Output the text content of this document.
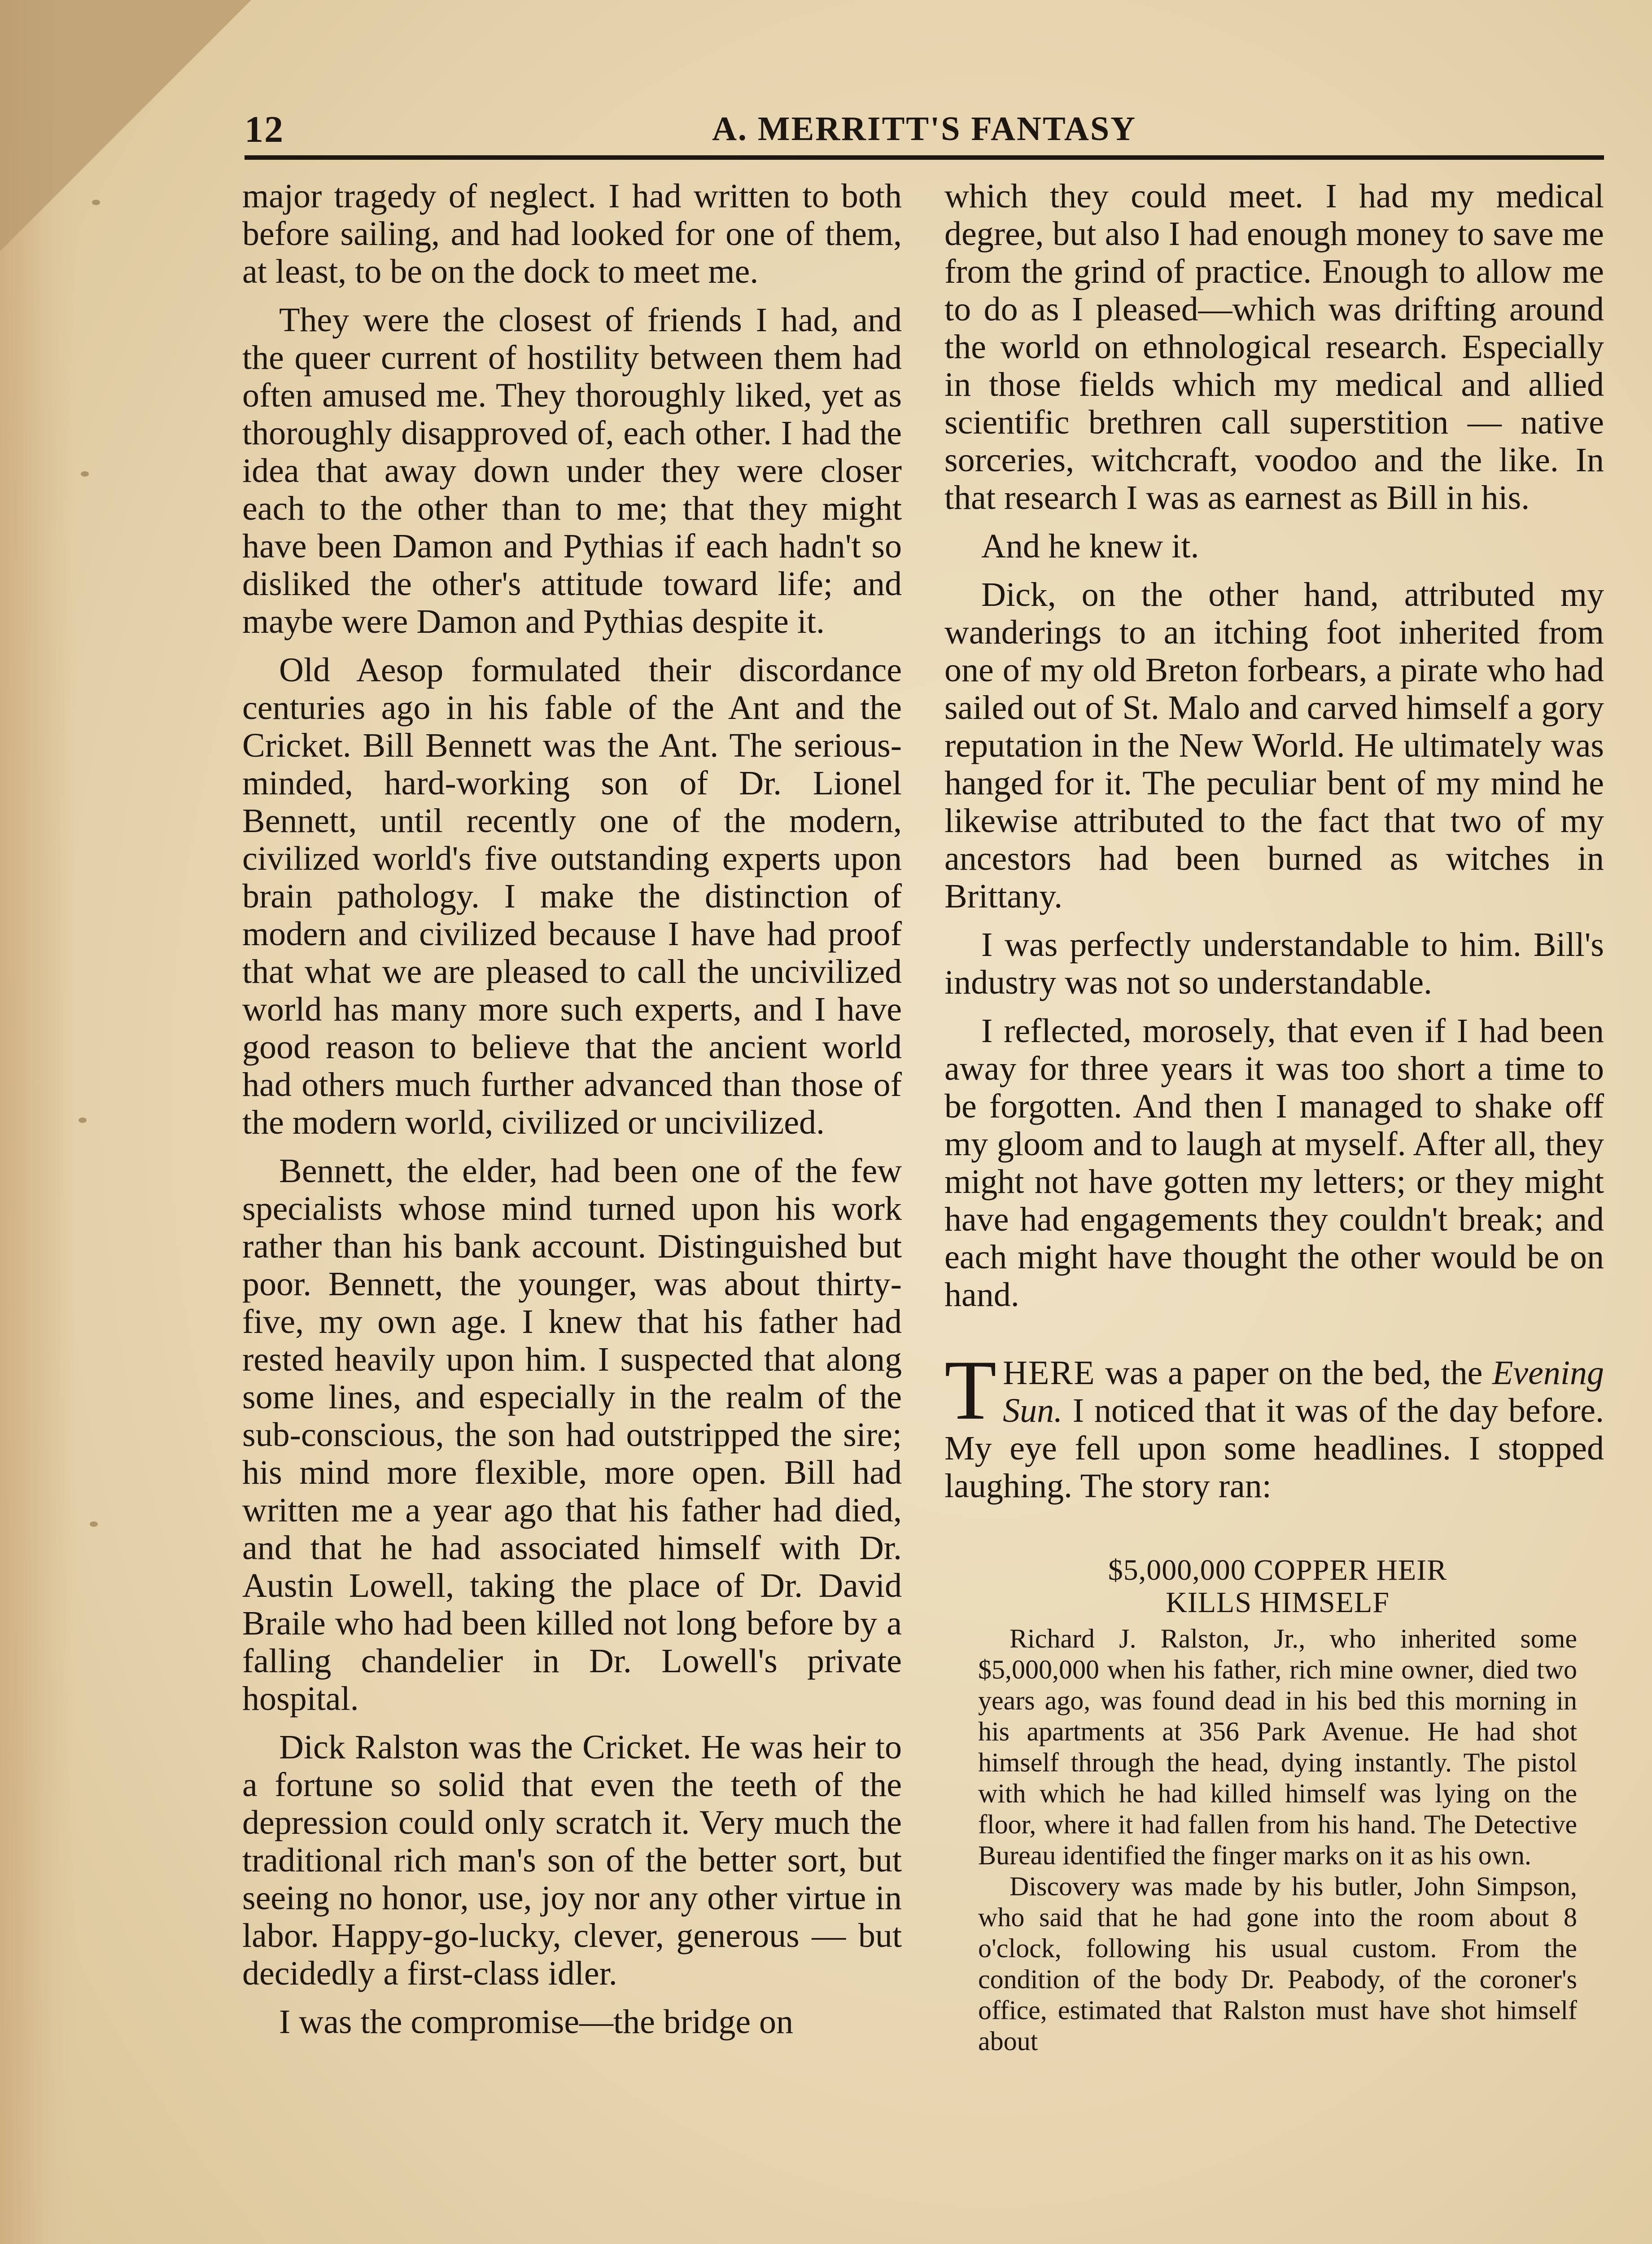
12	A. MERRITT'S FANTASY

major tragedy of neglect. I had written to both before sailing, and had looked for one of them, at least, to be on the dock to meet me.

They were the closest of friends I had, and the queer current of hostility between them had often amused me. They thoroughly liked, yet as thoroughly disapproved of, each other. I had the idea that away down under they were closer each to the other than to me; that they might have been Damon and Pythias if each hadn't so disliked the other's attitude toward life; and maybe were Damon and Pythias despite it.

Old Aesop formulated their discordance centuries ago in his fable of the Ant and the Cricket. Bill Bennett was the Ant. The serious-minded, hard-working son of Dr. Lionel Bennett, until recently one of the modern, civilized world's five outstanding experts upon brain pathology. I make the distinction of modern and civilized because I have had proof that what we are pleased to call the uncivilized world has many more such experts, and I have good reason to believe that the ancient world had others much further advanced than those of the modern world, civilized or uncivilized.

Bennett, the elder, had been one of the few specialists whose mind turned upon his work rather than his bank account. Distinguished but poor. Bennett, the younger, was about thirty-five, my own age. I knew that his father had rested heavily upon him. I suspected that along some lines, and especially in the realm of the sub-conscious, the son had outstripped the sire; his mind more flexible, more open. Bill had written me a year ago that his father had died, and that he had associated himself with Dr. Austin Lowell, taking the place of Dr. David Braile who had been killed not long before by a falling chandelier in Dr. Lowell's private hospital.

Dick Ralston was the Cricket. He was heir to a fortune so solid that even the teeth of the depression could only scratch it. Very much the traditional rich man's son of the better sort, but seeing no honor, use, joy nor any other virtue in labor. Happy-go-lucky, clever, generous — but decidedly a first-class idler.

I was the compromise—the bridge on

which they could meet. I had my medical degree, but also I had enough money to save me from the grind of practice. Enough to allow me to do as I pleased—which was drifting around the world on ethnological research. Especially in those fields which my medical and allied scientific brethren call superstition — native sorceries, witchcraft, voodoo and the like. In that research I was as earnest as Bill in his.

And he knew it.

Dick, on the other hand, attributed my wanderings to an itching foot inherited from one of my old Breton forbears, a pirate who had sailed out of St. Malo and carved himself a gory reputation in the New World. He ultimately was hanged for it. The peculiar bent of my mind he likewise attributed to the fact that two of my ancestors had been burned as witches in Brittany.

I was perfectly understandable to him. Bill's industry was not so understandable.

I reflected, morosely, that even if I had been away for three years it was too short a time to be forgotten. And then I managed to shake off my gloom and to laugh at myself. After all, they might not have gotten my letters; or they might have had engagements they couldn't break; and each might have thought the other would be on hand.

THERE was a paper on the bed, the Evening Sun. I noticed that it was of the day before. My eye fell upon some headlines. I stopped laughing. The story ran:

$5,000,000 COPPER HEIR
KILLS HIMSELF

Richard J. Ralston, Jr., who inherited some $5,000,000 when his father, rich mine owner, died two years ago, was found dead in his bed this morning in his apartments at 356 Park Avenue. He had shot himself through the head, dying instantly. The pistol with which he had killed himself was lying on the floor, where it had fallen from his hand. The Detective Bureau identified the finger marks on it as his own.

Discovery was made by his butler, John Simpson, who said that he had gone into the room about 8 o'clock, following his usual custom. From the condition of the body Dr. Peabody, of the coroner's office, estimated that Ralston must have shot himself about
